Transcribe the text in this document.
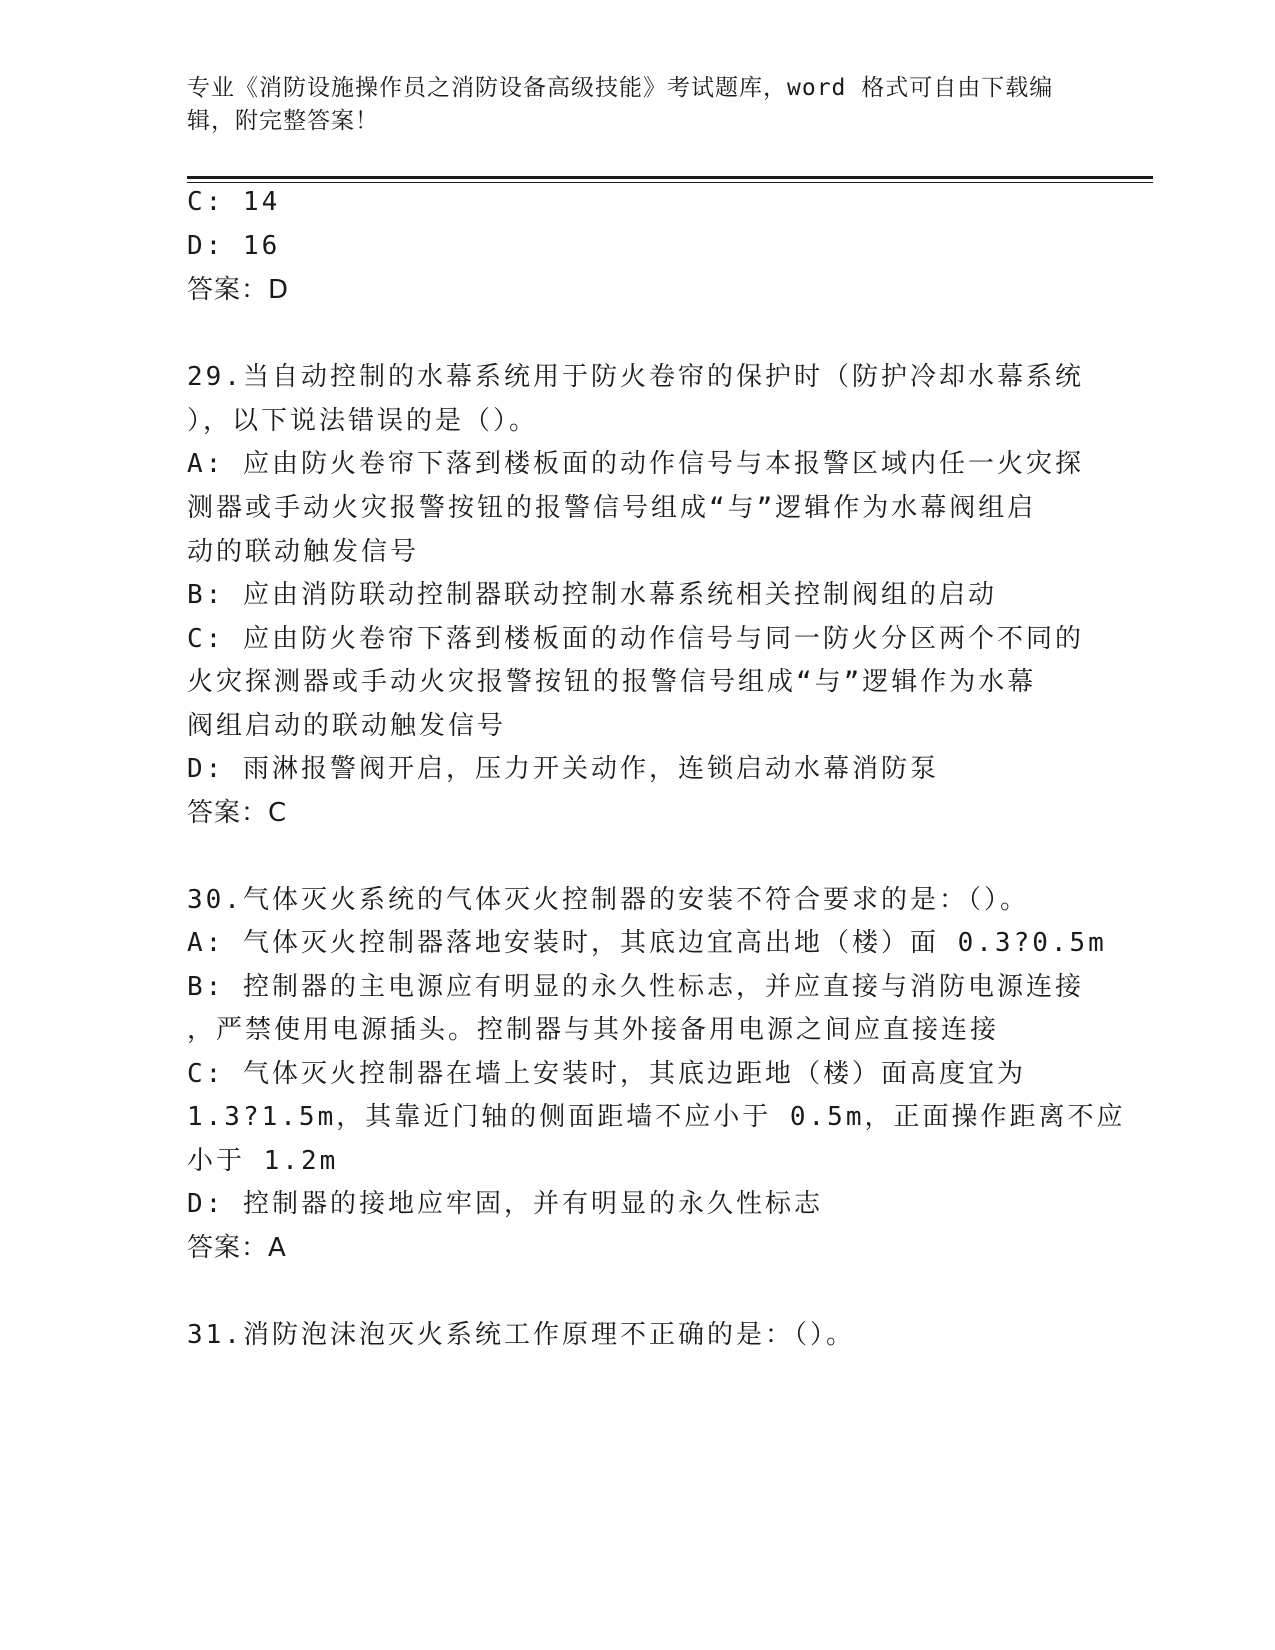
专业《消防设施操作员之消防设备高级技能》考试题库，word 格式可自由下载编
辑，附完整答案！
C: 14
D: 16
答案：D
29.当自动控制的水幕系统用于防火卷帘的保护时（防护冷却水幕系统
），以下说法错误的是（）。
A: 应由防火卷帘下落到楼板面的动作信号与本报警区域内任一火灾探
测器或手动火灾报警按钮的报警信号组成“与”逻辑作为水幕阀组启
动的联动触发信号
B: 应由消防联动控制器联动控制水幕系统相关控制阀组的启动
C: 应由防火卷帘下落到楼板面的动作信号与同一防火分区两个不同的
火灾探测器或手动火灾报警按钮的报警信号组成“与”逻辑作为水幕
阀组启动的联动触发信号
D: 雨淋报警阀开启，压力开关动作，连锁启动水幕消防泵
答案：C
30.气体灭火系统的气体灭火控制器的安装不符合要求的是：（）。
A: 气体灭火控制器落地安装时，其底边宜高出地（楼）面 0.3?0.5m
B: 控制器的主电源应有明显的永久性标志，并应直接与消防电源连接
，严禁使用电源插头。控制器与其外接备用电源之间应直接连接
C: 气体灭火控制器在墙上安装时，其底边距地（楼）面高度宜为
1.3?1.5m，其靠近门轴的侧面距墙不应小于 0.5m，正面操作距离不应
小于 1.2m
D: 控制器的接地应牢固，并有明显的永久性标志
答案：A
31.消防泡沫泡灭火系统工作原理不正确的是：（）。
